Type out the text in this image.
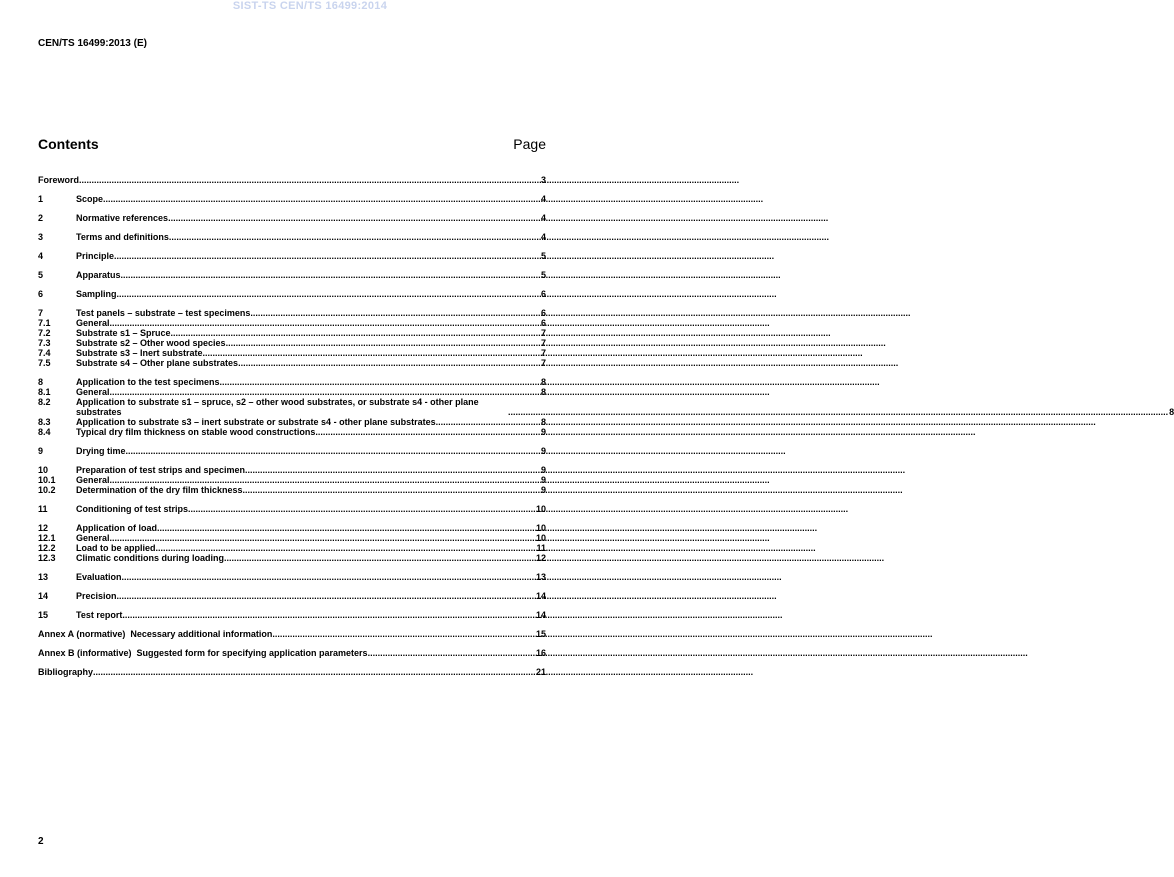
SIST-TS CEN/TS 16499:2014
CEN/TS 16499:2013 (E)
Contents	Page
Foreword .....	3
1	Scope .....	4
2	Normative references .....	4
3	Terms and definitions .....	4
4	Principle .....	5
5	Apparatus .....	5
6	Sampling .....	6
7	Test panels – substrate – test specimens .....	6
7.1	General .....	6
7.2	Substrate s1 – Spruce .....	7
7.3	Substrate s2 – Other wood species .....	7
7.4	Substrate s3 – Inert substrate .....	7
7.5	Substrate s4 – Other plane substrates .....	7
8	Application to the test specimens .....	8
8.1	General .....	8
8.2	Application to substrate s1 – spruce, s2 – other wood substrates, or substrate s4 - other plane substrates .....	8
8.3	Application to substrate s3 – inert substrate or substrate s4 - other plane substrates .....	8
8.4	Typical dry film thickness on stable wood constructions .....	9
9	Drying time .....	9
10	Preparation of test strips and specimen .....	9
10.1	General .....	9
10.2	Determination of the dry film thickness .....	9
11	Conditioning of test strips .....	10
12	Application of load .....	10
12.1	General .....	10
12.2	Load to be applied .....	11
12.3	Climatic conditions during loading .....	12
13	Evaluation .....	13
14	Precision .....	14
15	Test report .....	14
Annex A (normative)  Necessary additional information .....	15
Annex B (informative)  Suggested form for specifying application parameters .....	16
Bibliography .....	21
2
